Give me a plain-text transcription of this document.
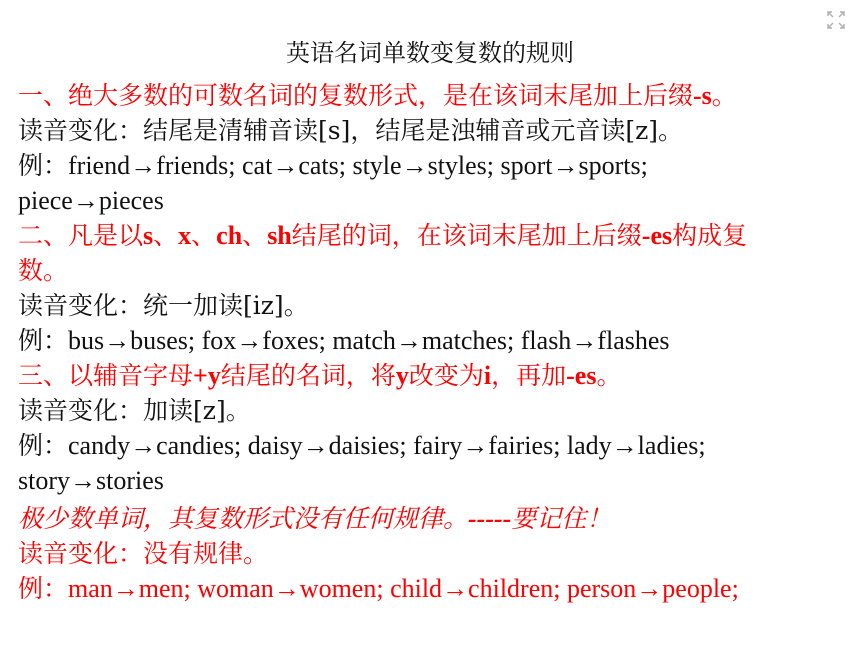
英语名词单数变复数的规则
一、绝大多数的可数名词的复数形式，是在该词末尾加上后缀-s。
读音变化：结尾是清辅音读[s]，结尾是浊辅音或元音读[z]。
例：friend→friends; cat→cats; style→styles; sport→sports;
piece→pieces
二、凡是以s、x、ch、sh结尾的词，在该词末尾加上后缀-es构成复
读音变化：统一加读[iz]。
例：bus→buses; fox→foxes; match→matches; flash→flashes
三、以辅音字母+y结尾的名词，将y改变为i，再加-es。
读音变化：加读[z]。
例：candy→candies; daisy→daisies; fairy→fairies; lady→ladies;
story→stories
极少数单词，其复数形式没有任何规律。-----要记住！
读音变化：没有规律。
例：man→men; woman→women; child→children; person→people;
数。
